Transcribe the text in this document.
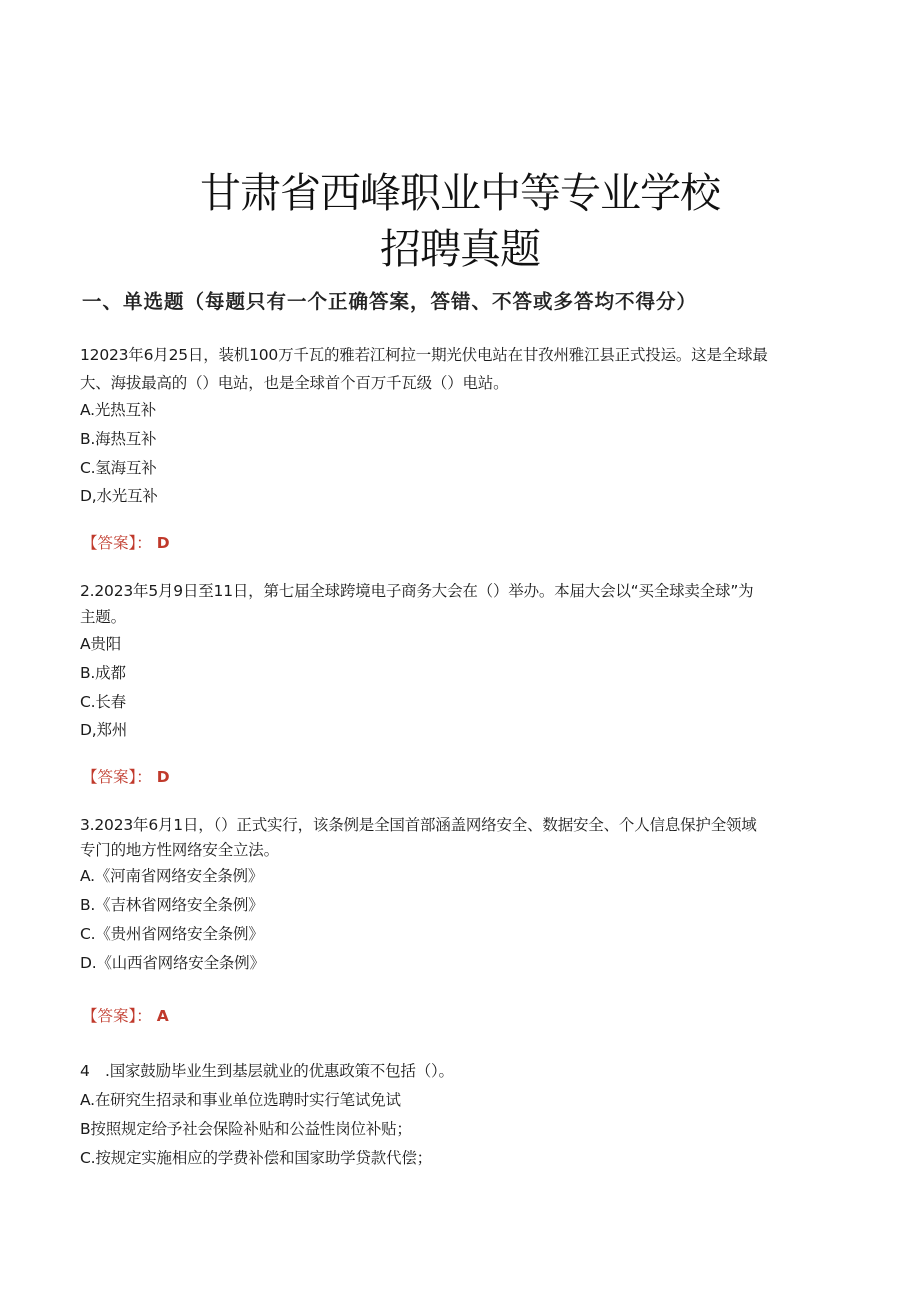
甘肃省西峰职业中等专业学校
招聘真题
一、单选题（每题只有一个正确答案，答错、不答或多答均不得分）
12023年6月25日，装机100万千瓦的雅若江柯拉一期光伏电站在甘孜州雅江县正式投运。这是全球最
大、海拔最高的（）电站，也是全球首个百万千瓦级（）电站。
A.光热互补
B.海热互补
C.氢海互补
D,水光互补
【答案】： D
2.2023年5月9日至11日，第七届全球跨境电子商务大会在（）举办。本届大会以“买全球卖全球”为
主题。
A贵阳
B.成都
C.长春
D,郑州
【答案】： D
3.2023年6月1日，（）正式实行，该条例是全国首部涵盖网络安全、数据安全、个人信息保护全领域
专门的地方性网络安全立法。
A.《河南省网络安全条例》
B.《吉林省网络安全条例》
C.《贵州省网络安全条例》
D.《山西省网络安全条例》
【答案】： A
4　.国家鼓励毕业生到基层就业的优惠政策不包括（）。
A.在研究生招录和事业单位选聘时实行笔试免试
B按照规定给予社会保险补贴和公益性岗位补贴；
C.按规定实施相应的学费补偿和国家助学贷款代偿；
